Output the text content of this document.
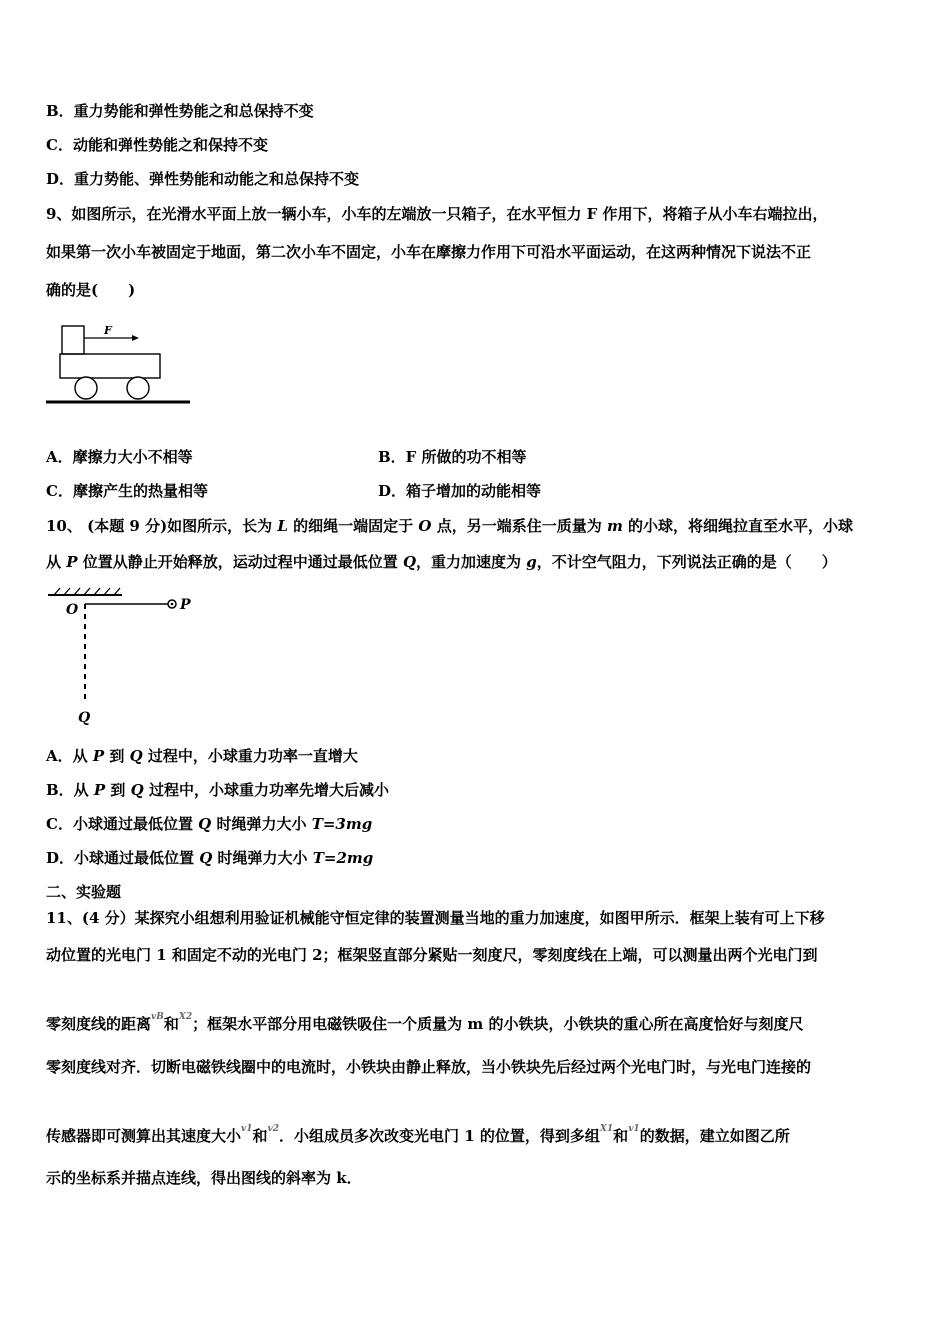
B．重力势能和弹性势能之和总保持不变
C．动能和弹性势能之和保持不变
D．重力势能、弹性势能和动能之和总保持不变
9、如图所示，在光滑水平面上放一辆小车，小车的左端放一只箱子，在水平恒力 F 作用下，将箱子从小车右端拉出，
如果第一次小车被固定于地面，第二次小车不固定，小车在摩擦力作用下可沿水平面运动，在这两种情况下说法不正
确的是(　　)
F
A．摩擦力大小不相等	B．F 所做的功不相等
C．摩擦产生的热量相等	D．箱子增加的动能相等
10、 (本题 9 分)如图所示，长为 L 的细绳一端固定于 O 点，另一端系住一质量为 m 的小球，将细绳拉直至水平，小球
从 P 位置从静止开始释放，运动过程中通过最低位置 Q，重力加速度为 g，不计空气阻力，下列说法正确的是（　　）
O	P
Q
A．从 P 到 Q 过程中，小球重力功率一直增大
B．从 P 到 Q 过程中，小球重力功率先增大后减小
C．小球通过最低位置 Q 时绳弹力大小 T=3mg
D．小球通过最低位置 Q 时绳弹力大小 T=2mg
二、实验题
11、(4 分）某探究小组想利用验证机械能守恒定律的装置测量当地的重力加速度，如图甲所示．框架上装有可上下移
动位置的光电门 1 和固定不动的光电门 2；框架竖直部分紧贴一刻度尺，零刻度线在上端，可以测量出两个光电门到
零刻度线的距离$^{vB}$和$^{X2}$；框架水平部分用电磁铁吸住一个质量为 m 的小铁块，小铁块的重心所在高度恰好与刻度尺
零刻度线对齐．切断电磁铁线圈中的电流时，小铁块由静止释放，当小铁块先后经过两个光电门时，与光电门连接的
传感器即可测算出其速度大小$^{v1}$和$^{v2}$．小组成员多次改变光电门 1 的位置，得到多组$^{X1}$和$^{v1}$的数据，建立如图乙所
示的坐标系并描点连线，得出图线的斜率为 k．
